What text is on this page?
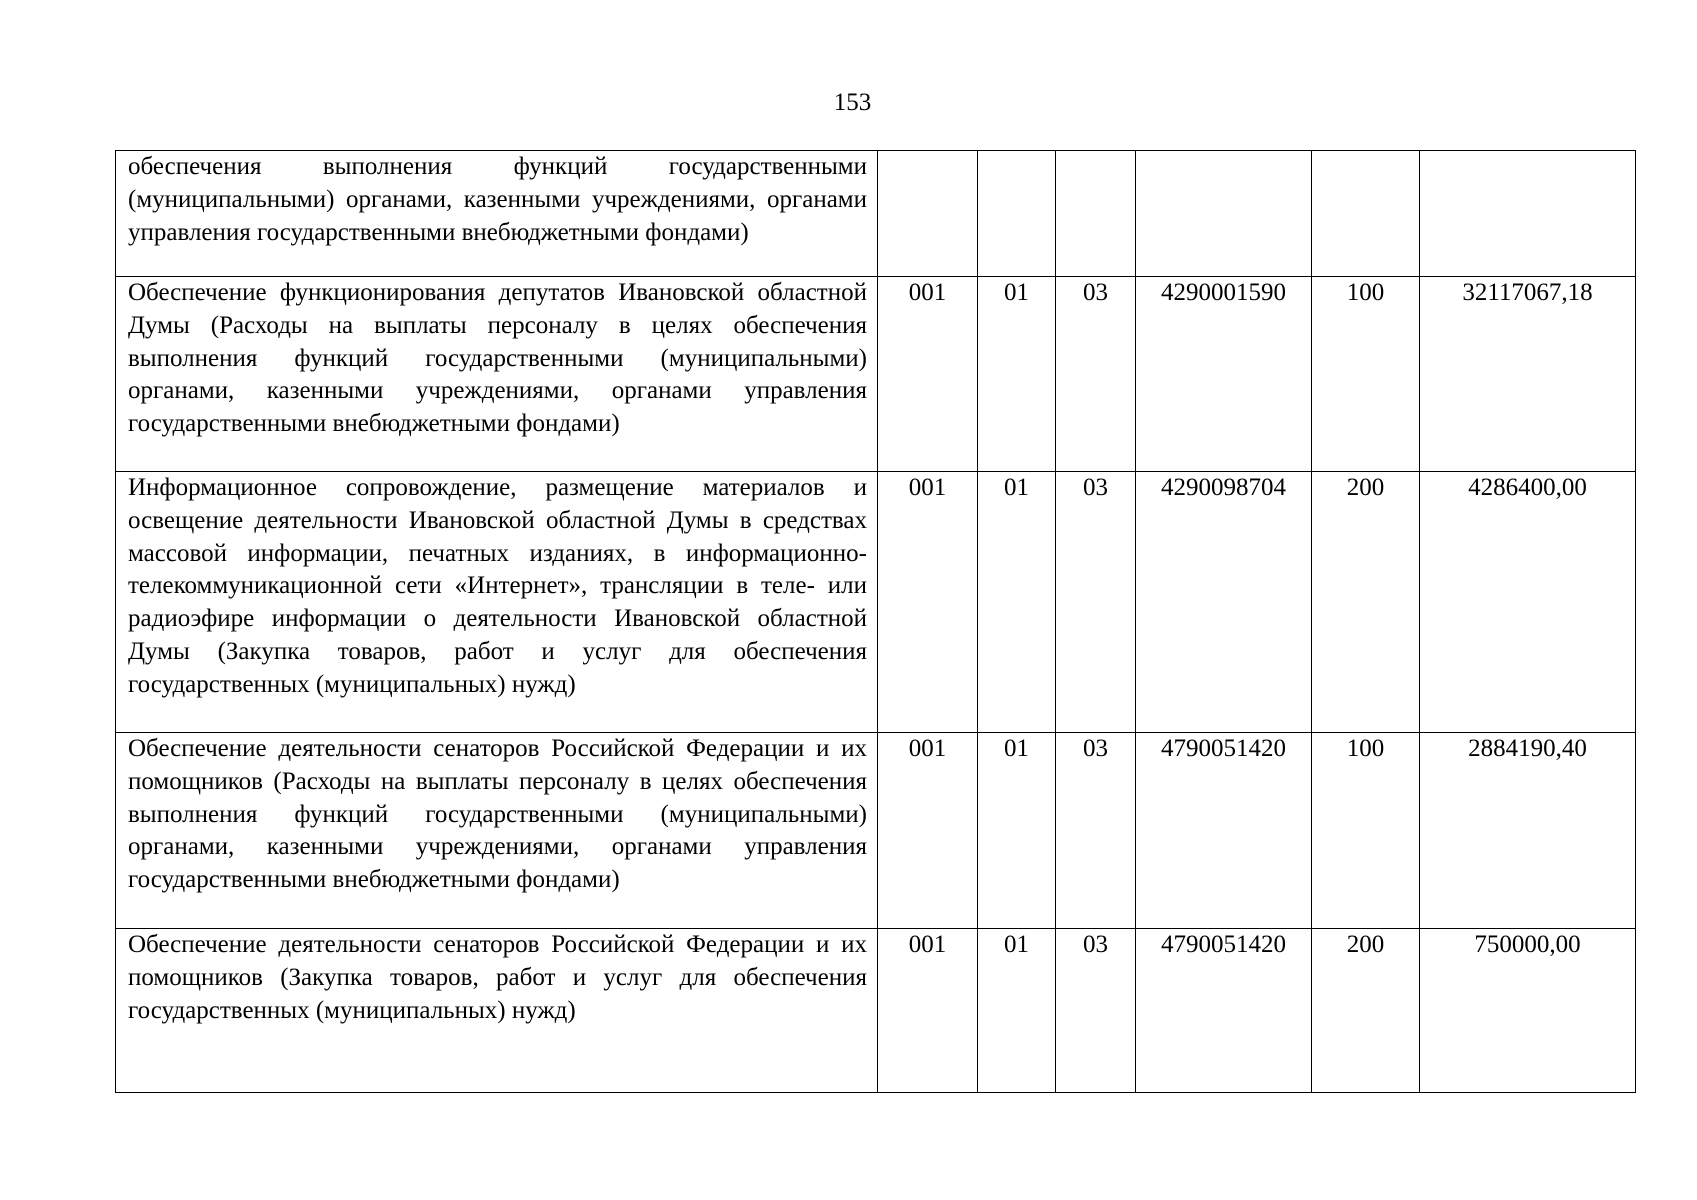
153
обеспечения выполнения функций государственными (муниципальными) органами, казенными учреждениями, органами управления государственными внебюджетными фондами)						
Обеспечение функционирования депутатов Ивановской областной Думы (Расходы на выплаты персоналу в целях обеспечения выполнения функций государственными (муниципальными) органами, казенными учреждениями, органами управления государственными внебюджетными фондами)	001	01	03	4290001590	100	32117067,18
Информационное сопровождение, размещение материалов и освещение деятельности Ивановской областной Думы в средствах массовой информации, печатных изданиях, в информационно-телекоммуникационной сети «Интернет», трансляции в теле- или радиоэфире информации о деятельности Ивановской областной Думы (Закупка товаров, работ и услуг для обеспечения государственных (муниципальных) нужд)	001	01	03	4290098704	200	4286400,00
Обеспечение деятельности сенаторов Российской Федерации и их помощников (Расходы на выплаты персоналу в целях обеспечения выполнения функций государственными (муниципальными) органами, казенными учреждениями, органами управления государственными внебюджетными фондами)	001	01	03	4790051420	100	2884190,40
Обеспечение деятельности сенаторов Российской Федерации и их помощников (Закупка товаров, работ и услуг для обеспечения государственных (муниципальных) нужд)	001	01	03	4790051420	200	750000,00
